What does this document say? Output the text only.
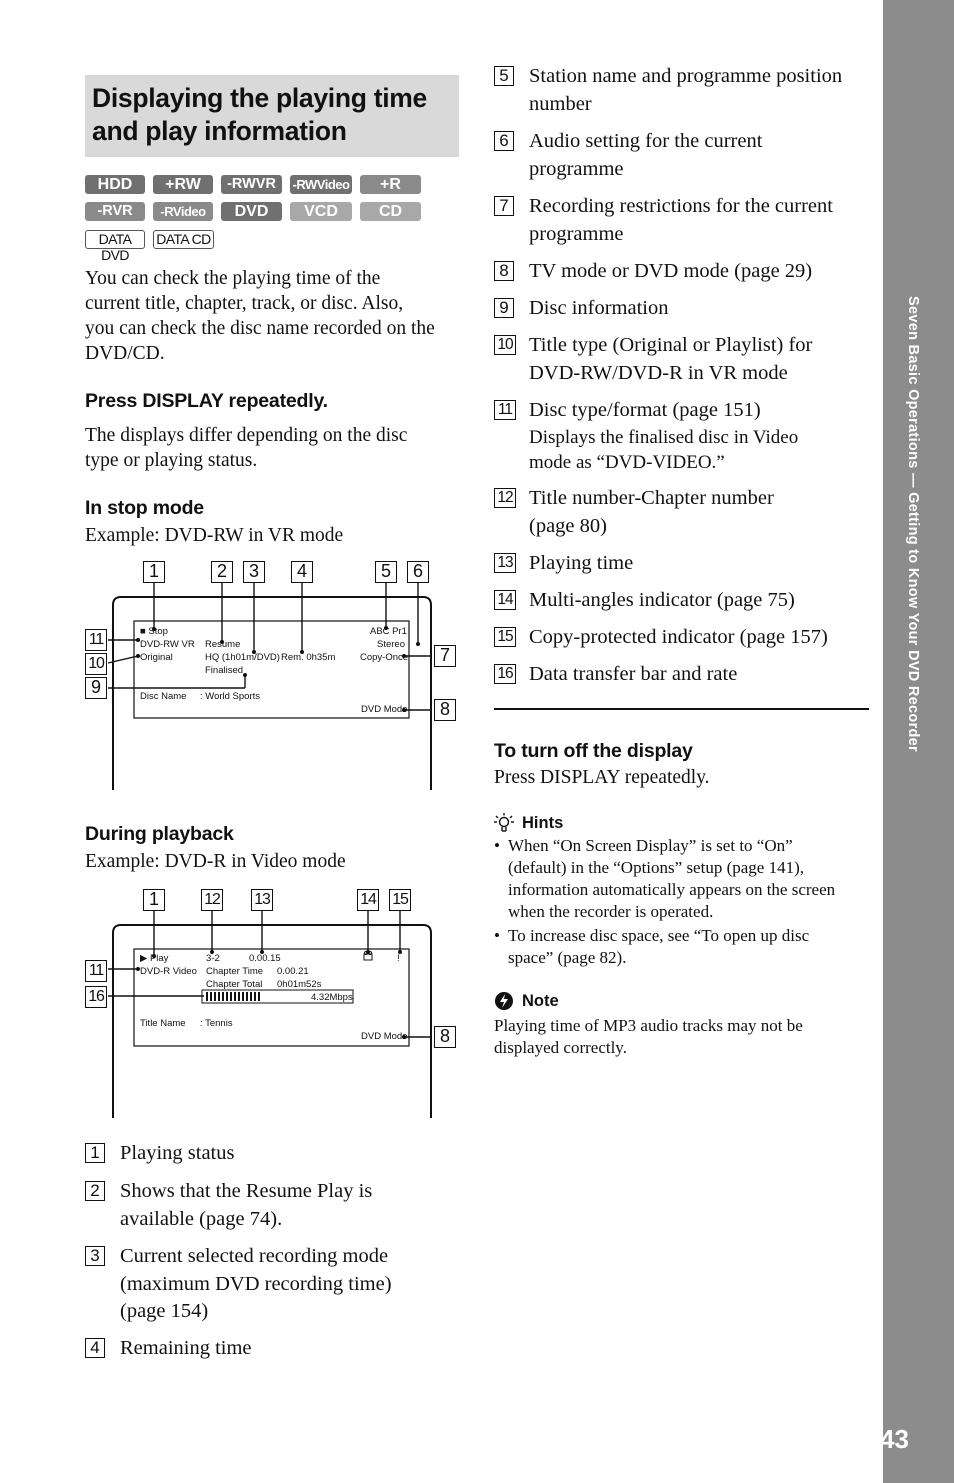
Seven Basic Operations — Getting to Know Your DVD Recorder
43
Displaying the playing time
and play information
HDD	+RW	-RWVR	-RWVideo	+R
-RVR	-RVideo	DVD	VCD	CD
DATA DVD
DATA CD
You can check the playing time of the
current title, chapter, track, or disc. Also,
you can check the disc name recorded on the
DVD/CD.
Press DISPLAY repeatedly.
The displays differ depending on the disc
type or playing status.
In stop mode
Example: DVD-RW in VR mode
■ Stop
DVD-RW VR
Original
Resume
HQ (1h01m/DVD)
Finalised
Rem. 0h35m
ABC Pr1
Stereo
Copy-Once
Disc Name : World Sports
DVD Mode
▶ Play
DVD-R Video
3-2	0.00.15
Chapter Time 0.00.21
Chapter Total 0h01m52s
4.32Mbps
!
Title Name : Tennis
DVD Mode
1	2	3	4	5	6
11
10
9
7
8
During playback
Example: DVD-R in Video mode
1	12 13	14 15
11
16
8
1 Playing status
2 Shows that the Resume Play is
available (page 74).
3 Current selected recording mode
(maximum DVD recording time)
(page 154)
4 Remaining time
5 Station name and programme position
number
6 Audio setting for the current
programme
7 Recording restrictions for the current
programme
8 TV mode or DVD mode (page 29)
9 Disc information
10 Title type (Original or Playlist) for
DVD-RW/DVD-R in VR mode
11 Disc type/format (page 151)
Displays the finalised disc in Video
mode as “DVD-VIDEO.”
12 Title number-Chapter number
(page 80)
13 Playing time
14 Multi-angles indicator (page 75)
15 Copy-protected indicator (page 157)
16 Data transfer bar and rate
To turn off the display
Press DISPLAY repeatedly.
Hints
• When “On Screen Display” is set to “On”
(default) in the “Options” setup (page 141),
information automatically appears on the screen
when the recorder is operated.
• To increase disc space, see “To open up disc
space” (page 82).
Note
Playing time of MP3 audio tracks may not be
displayed correctly.
